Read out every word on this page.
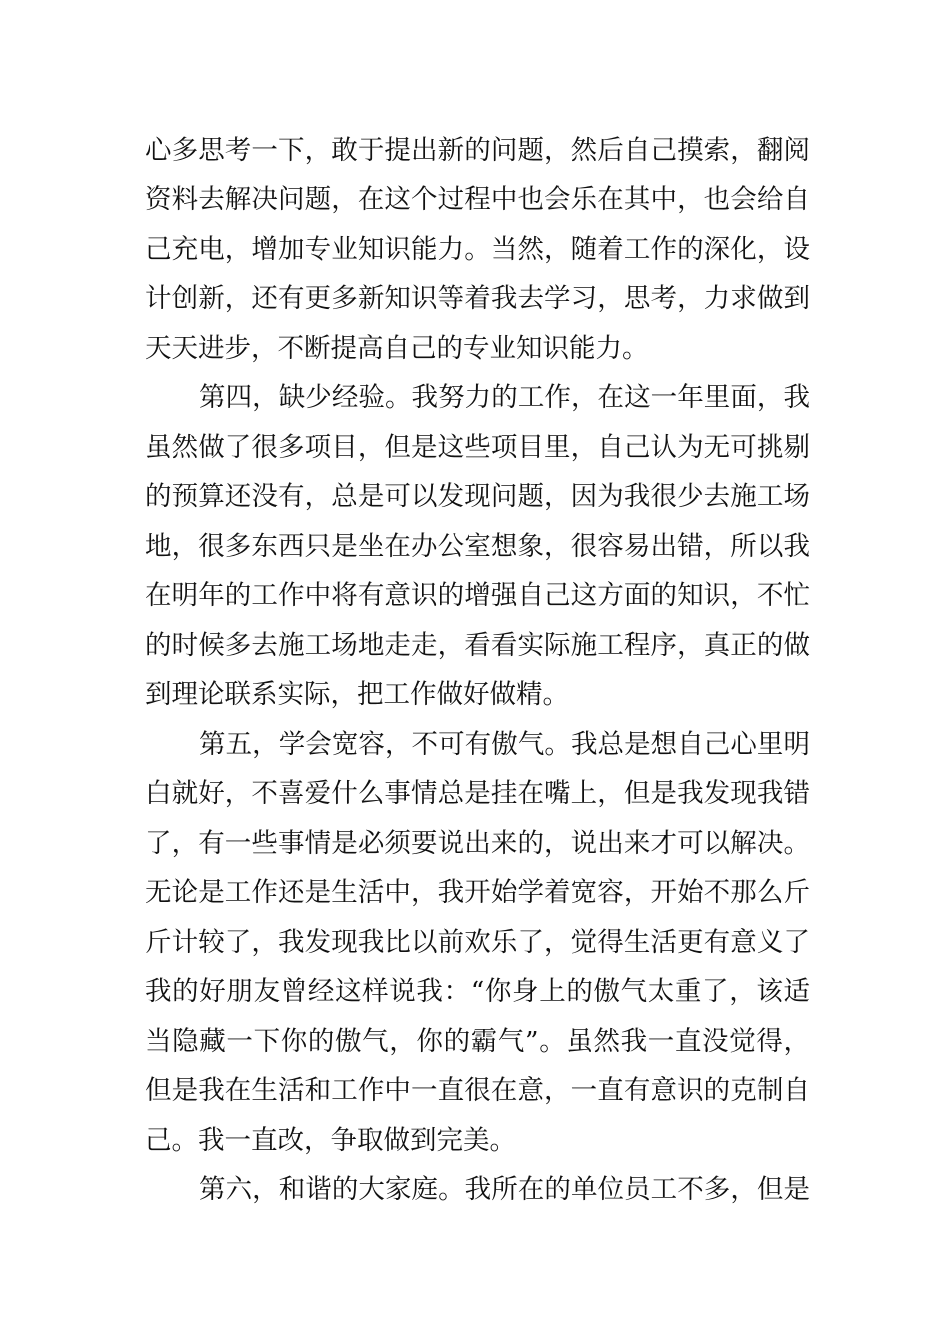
心多思考一下，敢于提出新的问题，然后自己摸索，翻阅
资料去解决问题，在这个过程中也会乐在其中，也会给自
己充电，增加专业知识能力。当然，随着工作的深化，设
计创新，还有更多新知识等着我去学习，思考，力求做到
天天进步，不断提高自己的专业知识能力。
第四，缺少经验。我努力的工作，在这一年里面，我
虽然做了很多项目，但是这些项目里，自己认为无可挑剔
的预算还没有，总是可以发现问题，因为我很少去施工场
地，很多东西只是坐在办公室想象，很容易出错，所以我
在明年的工作中将有意识的增强自己这方面的知识，不忙
的时候多去施工场地走走，看看实际施工程序，真正的做
到理论联系实际，把工作做好做精。
第五，学会宽容，不可有傲气。我总是想自己心里明
白就好，不喜爱什么事情总是挂在嘴上，但是我发现我错
了，有一些事情是必须要说出来的，说出来才可以解决。
无论是工作还是生活中，我开始学着宽容，开始不那么斤
斤计较了，我发现我比以前欢乐了，觉得生活更有意义了
我的好朋友曾经这样说我：“你身上的傲气太重了，该适
当隐藏一下你的傲气，你的霸气”。虽然我一直没觉得，
但是我在生活和工作中一直很在意，一直有意识的克制自
己。我一直改，争取做到完美。
第六，和谐的大家庭。我所在的单位员工不多，但是
